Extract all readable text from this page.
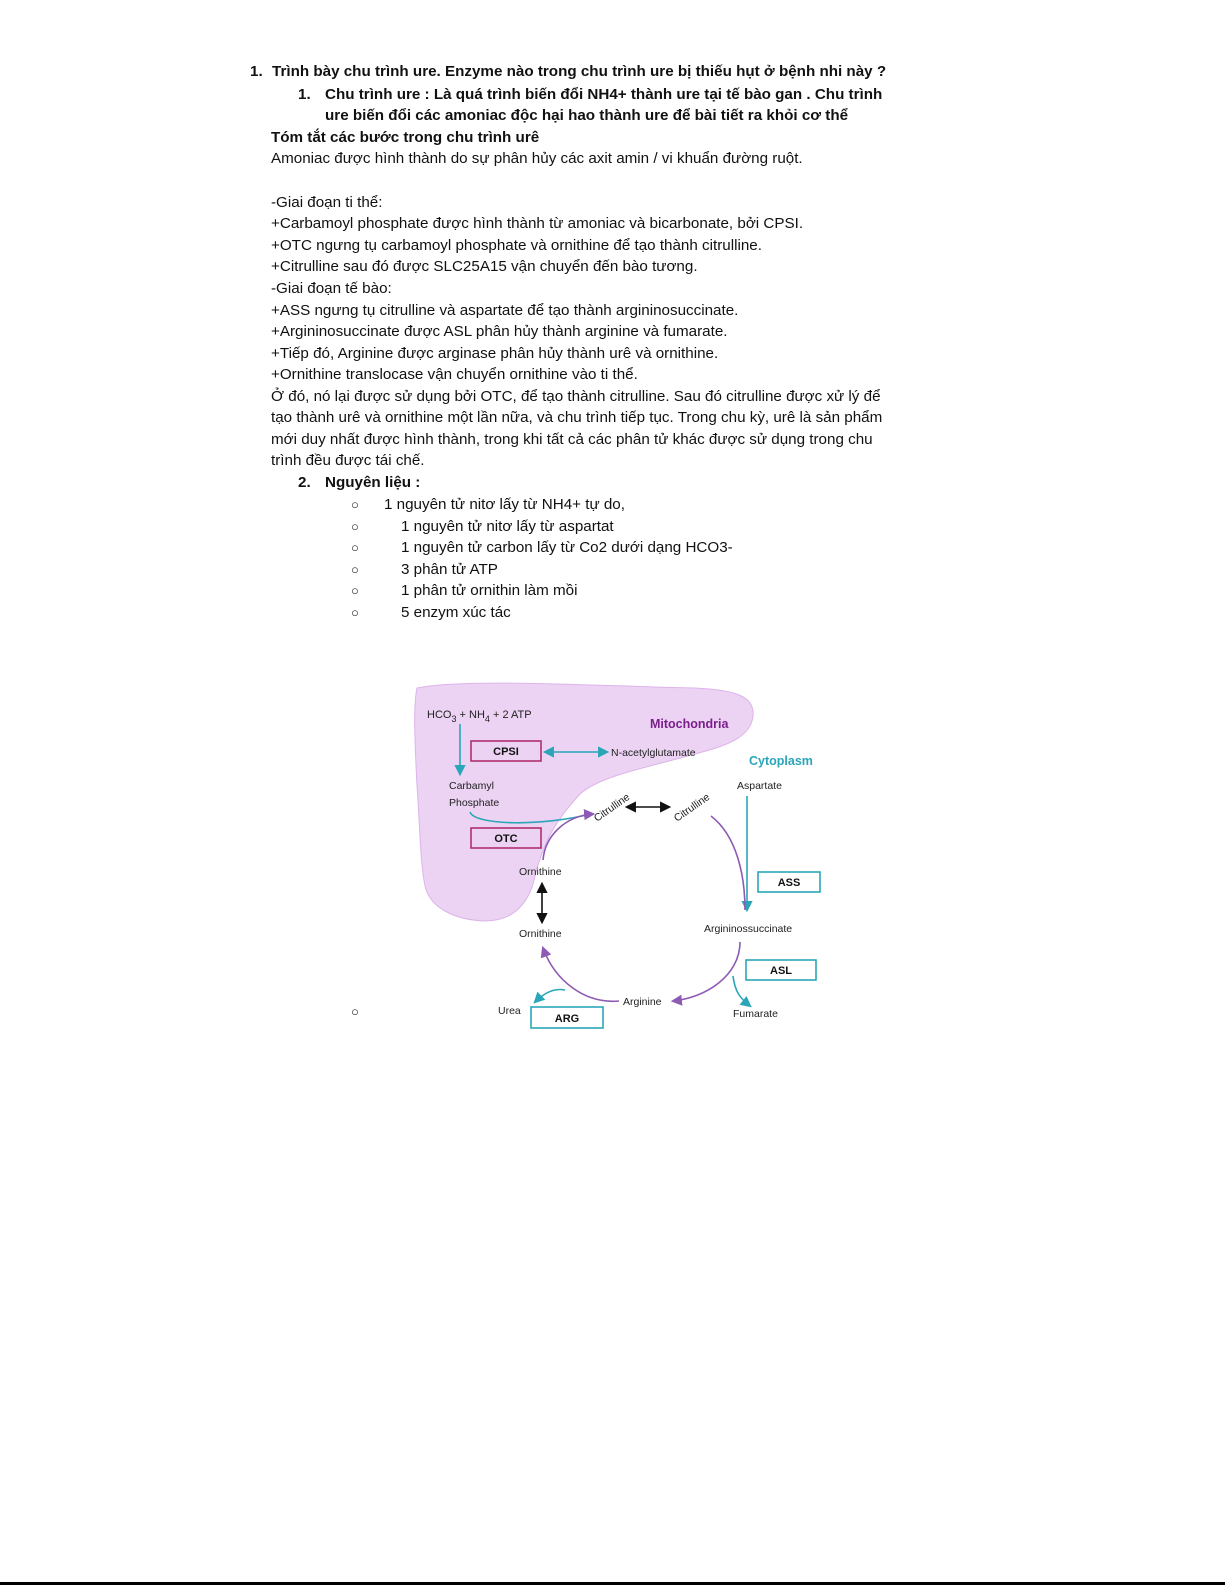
1. Trình bày chu trình ure. Enzyme nào trong chu trình ure bị thiếu hụt ở bệnh nhi này ?
1. Chu trình ure : Là quá trình biến đổi NH4+ thành ure tại tế bào gan . Chu trình
ure biến đổi các amoniac độc hại hao thành ure để bài tiết ra khỏi cơ thể
Tóm tắt các bước trong chu trình urê
Amoniac được hình thành do sự phân hủy các axit amin / vi khuẩn đường ruột.
-Giai đoạn ti thể:
+Carbamoyl phosphate được hình thành từ amoniac và bicarbonate, bởi CPSI.
+OTC ngưng tụ carbamoyl phosphate và ornithine để tạo thành citrulline.
+Citrulline sau đó được SLC25A15 vận chuyển đến bào tương.
-Giai đoạn tế bào:
+ASS ngưng tụ citrulline và aspartate để tạo thành argininosuccinate.
+Argininosuccinate được ASL phân hủy thành arginine và fumarate.
+Tiếp đó, Arginine được arginase phân hủy thành urê và ornithine.
+Ornithine translocase vận chuyển ornithine vào ti thể.
Ở đó, nó lại được sử dụng bởi OTC, để tạo thành citrulline. Sau đó citrulline được xử lý để
tạo thành urê và ornithine một lần nữa, và chu trình tiếp tục. Trong chu kỳ, urê là sản phẩm
mới duy nhất được hình thành, trong khi tất cả các phân tử khác được sử dụng trong chu
trình đều được tái chế.
2. Nguyên liệu :
○ 1 nguyên tử nitơ lấy từ NH4+ tự do,
○	1 nguyên tử nitơ lấy từ aspartat
○	1 nguyên tử carbon lấy từ Co2 dưới dạng HCO3-
○	3 phân tử ATP
○	1 phân tử ornithin làm mồi
○	5 enzym xúc tác
○
Mitochondria
Cytoplasm
$HCO_3 + NH_4 + 2$ ATP
CPSI	N-acetylglutamate
Carbamyl
Phosphate
OTC
Citrulline	Citrulline
Aspartate
ASS
Argininossuccinate
ASL
Fumarate
Arginine
Urea
ARG
Ornithine
Ornithine
